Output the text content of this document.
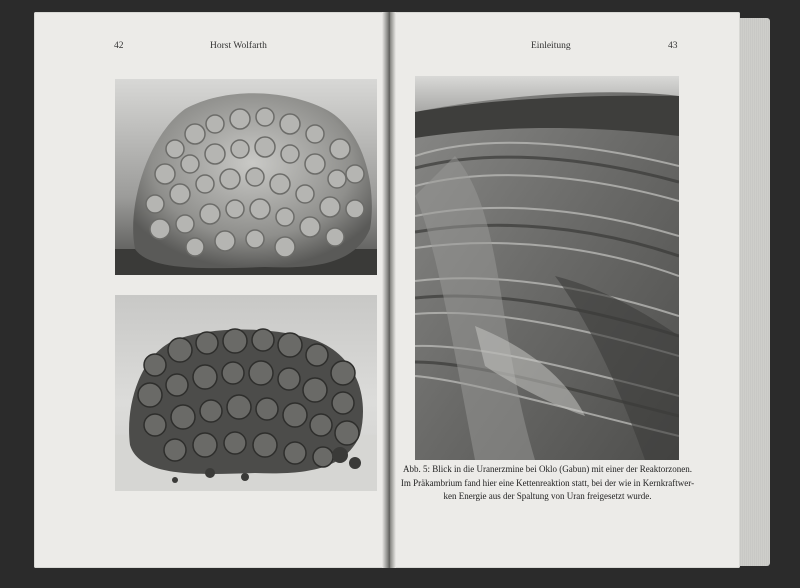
42	Horst Wolfarth	Einleitung	43
Abb. 5: Blick in die Uranerzmine bei Oklo (Gabun) mit einer der Reaktorzonen.
Im Präkambrium fand hier eine Kettenreaktion statt, bei der wie in Kernkraftwer-
ken Energie aus der Spaltung von Uran freigesetzt wurde.
